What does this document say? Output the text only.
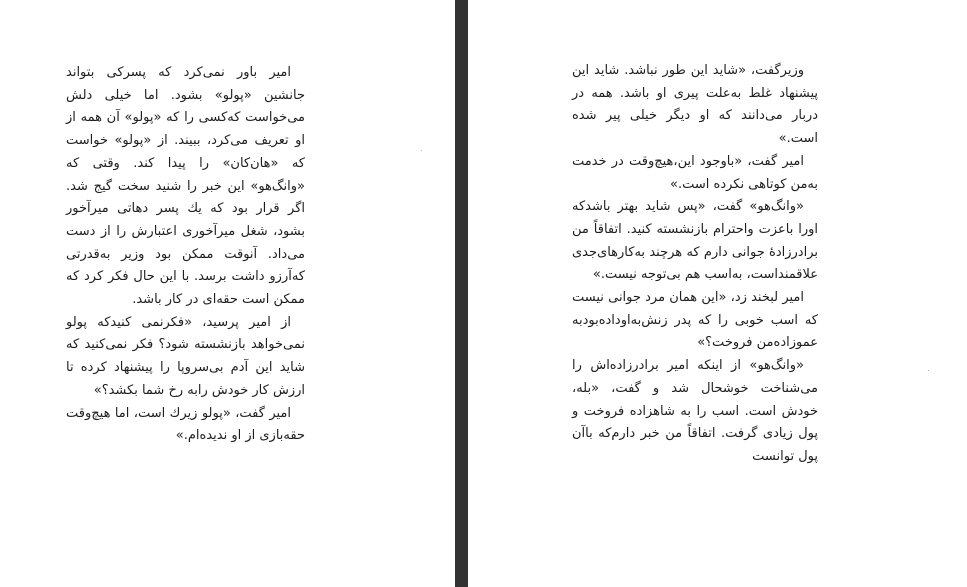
امیر باور نمی‌کرد که پسرکی بتواند جانشین «پولو» بشود. اما خیلی دلش می‌خواست که‌کسی را که «پولو» آن همه از او تعریف می‌کرد، ببیند. از «پولو» خواست که «هان‌کان» را پیدا کند. وقتی که «وانگ‌هو» این خبر را شنید سخت گیج شد. اگر قرار بود که یك پسر دهاتی میرآخور بشود، شغل میرآخوری اعتبارش را از دست می‌داد. آنوقت ممکن بود وزیر به‌قدرتی که‌آرزو داشت برسد. با این حال فکر کرد که ممکن است حقه‌ای در کار باشد.

از امیر پرسید، «فکرنمی کنیدکه پولو نمی‌خواهد بازنشسته شود؟ فکر نمی‌کنید که شاید این آدم بی‌سروپا را پیشنهاد کرده تا ارزش کار خودش رابه رخ شما بکشد؟»

امیر گفت، «پولو زیرك است، اما هیچ‌وقت حقه‌بازی از او ندیده‌ام.»

وزیرگفت، «شاید این طور نباشد. شاید این پیشنهاد غلط به‌علت پیری او باشد. همه در دربار می‌دانند که او دیگر خیلی پیر شده است.»

امیر گفت، «باوجود این،هیچ‌وقت در خدمت به‌من کوتاهی نکرده است.»

«وانگ‌هو» گفت، «پس شاید بهتر باشدکه اورا باعزت واحترام بازنشسته کنید. اتفاقاً من برادرزادهٔ جوانی دارم که هرچند به‌کارهای‌جدی علاقمنداست، به‌اسب هم بی‌توجه نیست.»

امیر لبخند زد، «این همان مرد جوانی نیست که اسب خوبی را که پدر زنش‌به‌اوداده‌بودبه عموزاده‌من فروخت؟»

«وانگ‌هو» از اینکه امیر برادرزاده‌اش را می‌شناخت خوشحال شد و گفت، «بله، خودش است. اسب را به شاهزاده فروخت و پول زیادی گرفت. اتفاقاً من خبر دارم‌که باآن پول توانست
